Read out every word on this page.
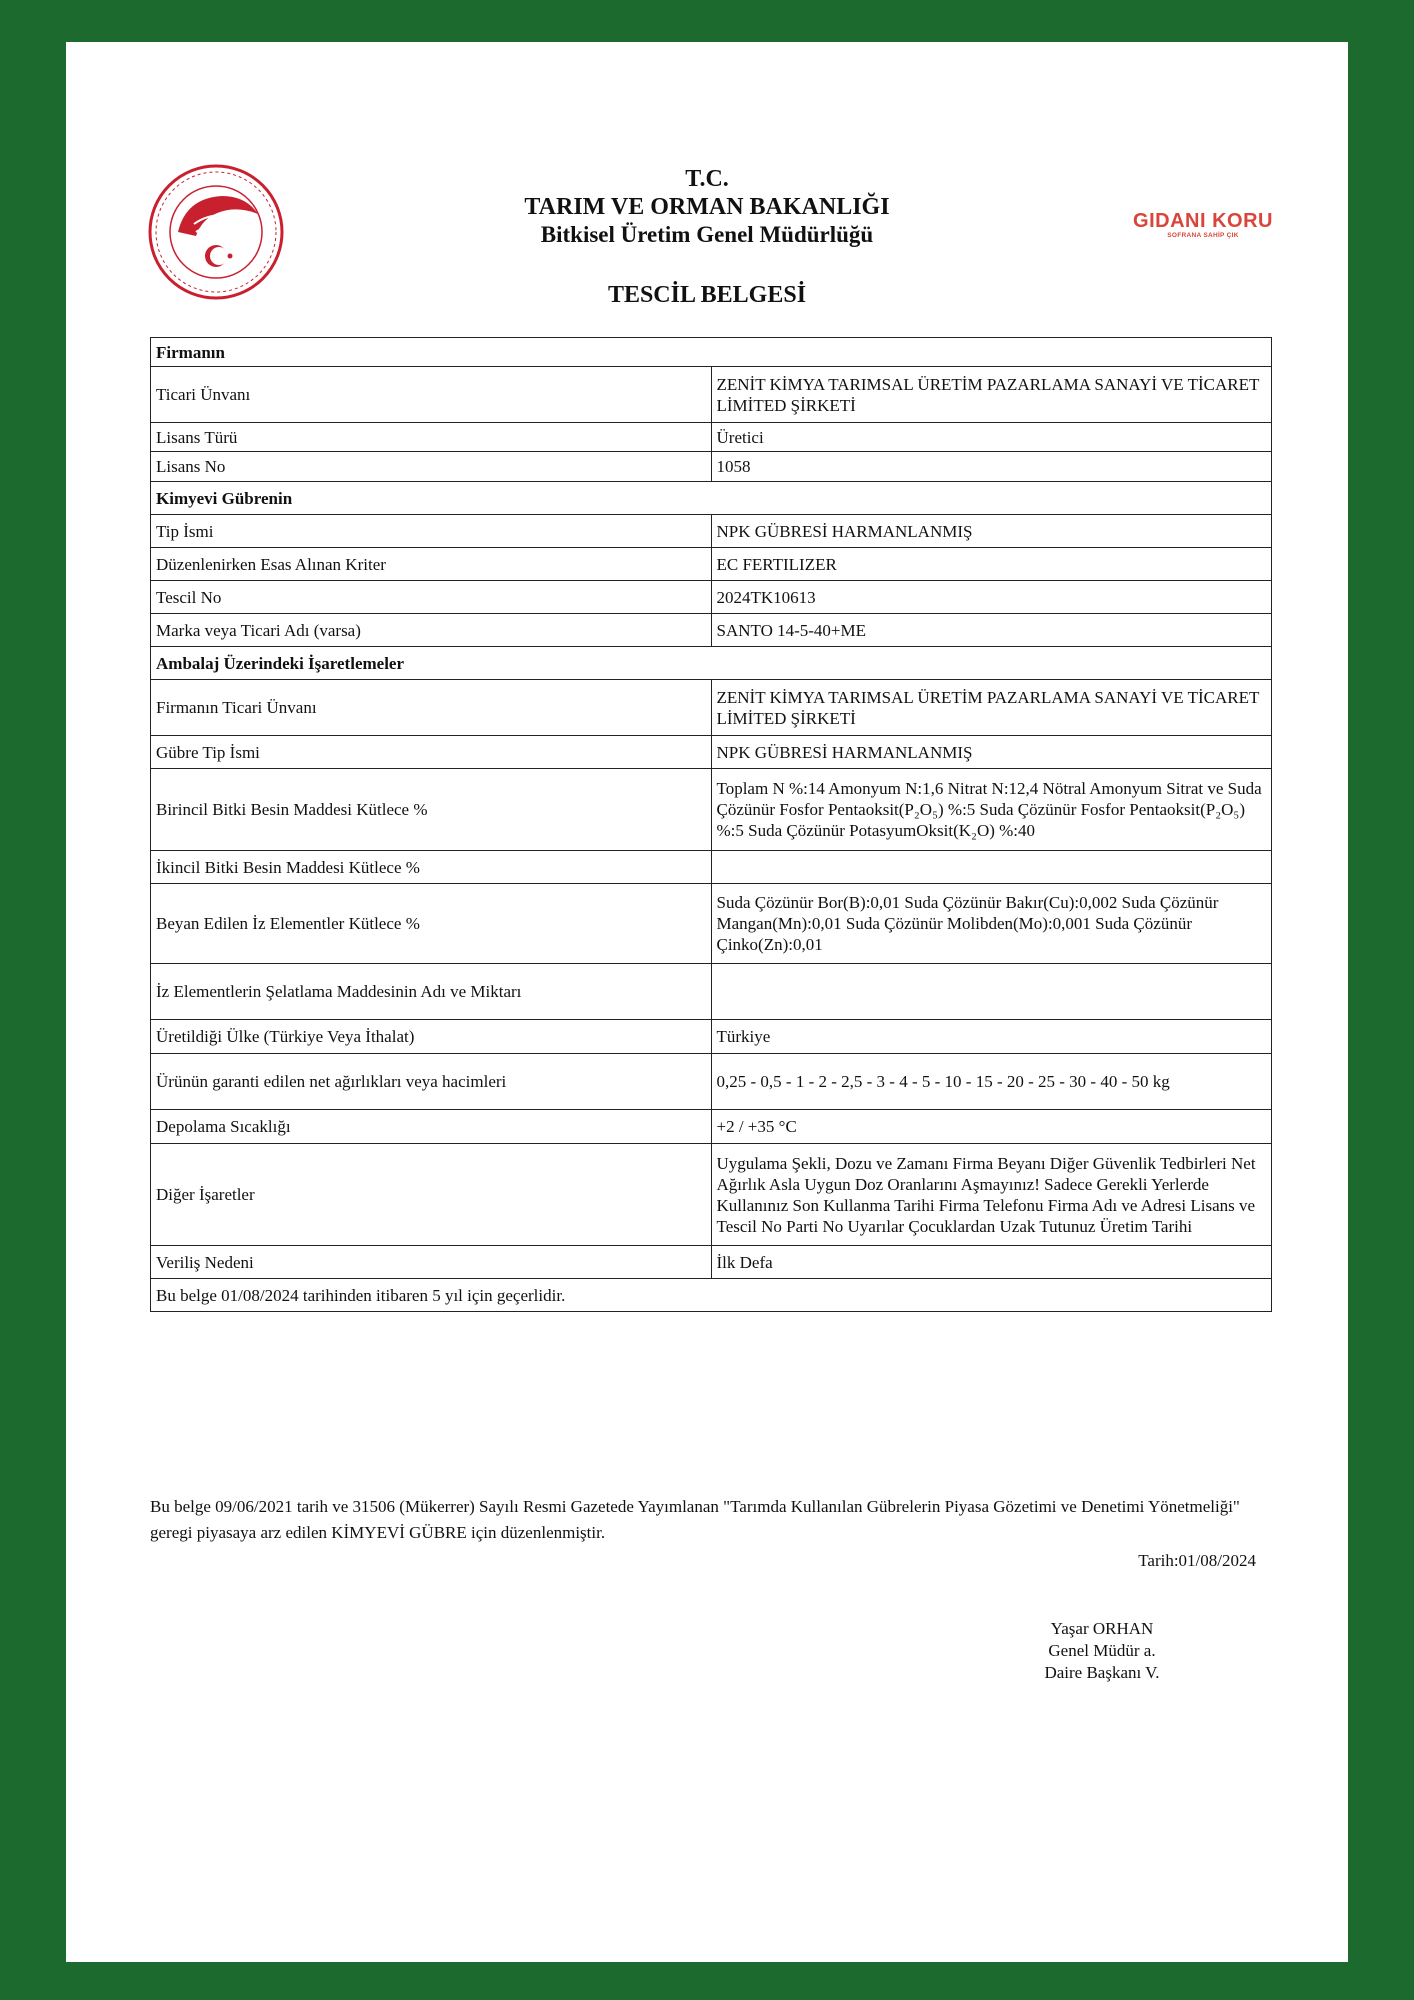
GIDANI KORU
SOFRANA SAHİP ÇIK
T.C.
TARIM VE ORMAN BAKANLIĞI
Bitkisel Üretim Genel Müdürlüğü
TESCİL BELGESİ
Firmanın	
Ticari Ünvanı	ZENİT KİMYA TARIMSAL ÜRETİM PAZARLAMA SANAYİ VE TİCARET LİMİTED ŞİRKETİ
Lisans Türü	Üretici
Lisans No	1058
Kimyevi Gübrenin	
Tip İsmi	NPK GÜBRESİ HARMANLANMIŞ
Düzenlenirken Esas Alınan Kriter	EC FERTILIZER
Tescil No	2024TK10613
Marka veya Ticari Adı (varsa)	SANTO 14-5-40+ME
Ambalaj Üzerindeki İşaretlemeler	
Firmanın Ticari Ünvanı	ZENİT KİMYA TARIMSAL ÜRETİM PAZARLAMA SANAYİ VE TİCARET LİMİTED ŞİRKETİ
Gübre Tip İsmi	NPK GÜBRESİ HARMANLANMIŞ
Birincil Bitki Besin Maddesi Kütlece %	Toplam N %:14 Amonyum N:1,6 Nitrat N:12,4 Nötral Amonyum Sitrat ve Suda Çözünür Fosfor Pentaoksit(P₂O₅) %:5 Suda Çözünür Fosfor Pentaoksit(P₂O₅) %:5 Suda Çözünür PotasyumOksit(K₂O) %:40
İkincil Bitki Besin Maddesi Kütlece %	
Beyan Edilen İz Elementler Kütlece %	Suda Çözünür Bor(B):0,01 Suda Çözünür Bakır(Cu):0,002 Suda Çözünür Mangan(Mn):0,01 Suda Çözünür Molibden(Mo):0,001 Suda Çözünür Çinko(Zn):0,01
İz Elementlerin Şelatlama Maddesinin Adı ve Miktarı	
Üretildiği Ülke (Türkiye Veya İthalat)	Türkiye
Ürünün garanti edilen net ağırlıkları veya hacimleri	0,25 - 0,5 - 1 - 2 - 2,5 - 3 - 4 - 5 - 10 - 15 - 20 - 25 - 30 - 40 - 50 kg
Depolama Sıcaklığı	+2 / +35 °C
Diğer İşaretler	Uygulama Şekli, Dozu ve Zamanı Firma Beyanı Diğer Güvenlik Tedbirleri Net Ağırlık Asla Uygun Doz Oranlarını Aşmayınız! Sadece Gerekli Yerlerde Kullanınız Son Kullanma Tarihi Firma Telefonu Firma Adı ve Adresi Lisans ve Tescil No Parti No Uyarılar Çocuklardan Uzak Tutunuz Üretim Tarihi
Veriliş Nedeni	İlk Defa
Bu belge 01/08/2024 tarihinden itibaren 5 yıl için geçerlidir.	
Bu belge 09/06/2021 tarih ve 31506 (Mükerrer) Sayılı Resmi Gazetede Yayımlanan "Tarımda Kullanılan Gübrelerin Piyasa Gözetimi ve Denetimi Yönetmeliği" geregi piyasaya arz edilen KİMYEVİ GÜBRE için düzenlenmiştir.
Tarih:01/08/2024
Yaşar ORHAN
Genel Müdür a.
Daire Başkanı V.
